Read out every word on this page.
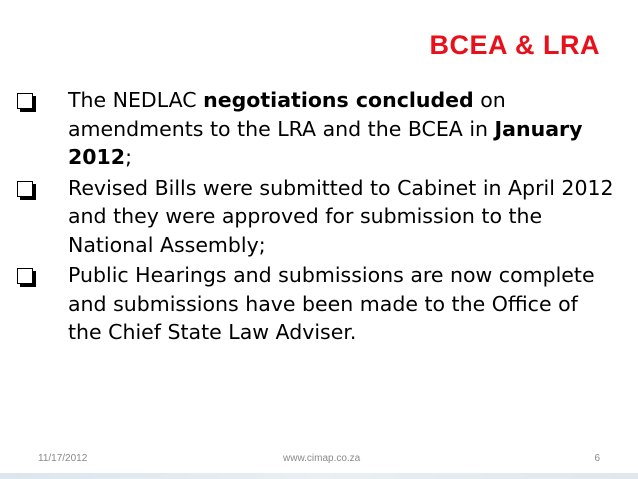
BCEA & LRA
The NEDLAC negotiations concluded on amendments to the LRA and the BCEA in January 2012;
Revised Bills were submitted to Cabinet in April 2012 and they were approved for submission to the National Assembly;
Public Hearings and submissions are now complete and submissions have been made to the Office of the Chief State Law Adviser.
11/17/2012	www.cimap.co.za	6
